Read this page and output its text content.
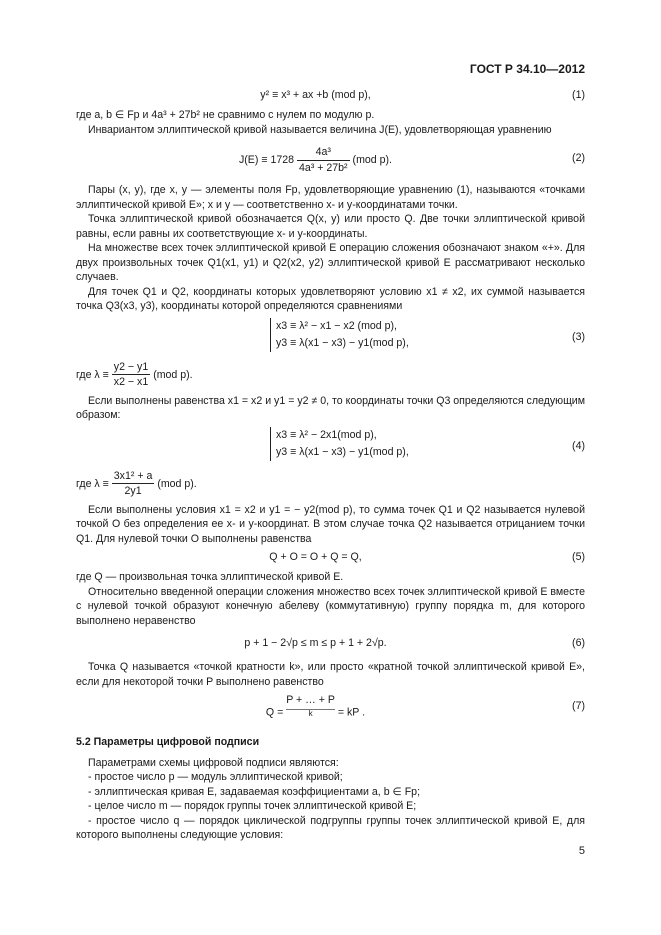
ГОСТ Р 34.10—2012
y² ≡ x³ + ax +b (mod p),	(1)

где a, b ∈ Fp и 4a³ + 27b² не сравнимо с нулем по модулю p.

Инвариантом эллиптической кривой называется величина J(E), удовлетворяющая уравнению

$J(E) \equiv 1728 \frac{\text{4a³}}{\text{4a³ + 27b²}} (mod$ p).	(2)

Пары (x, y), где x, y — элементы поля Fp, удовлетворяющие уравнению (1), называются «точками эллиптической кривой E»; x и y — соответственно x- и y-координатами точки.

Точка эллиптической кривой обозначается Q(x, y) или просто Q. Две точки эллиптической кривой равны, если равны их соответствующие x- и y-координаты.

На множестве всех точек эллиптической кривой E операцию сложения обозначают знаком «+». Для двух произвольных точек Q1(x1, y1) и Q2(x2, y2) эллиптической кривой E рассматривают несколько случаев.

Для точек Q1 и Q2, координаты которых удовлетворяют условию x1 ≠ x2, их суммой называется точка Q3(x3, y3), координаты которой определяются сравнениями

x3 ≡ λ² − x1 − x2 (mod p),
y3 ≡ λ(x1 − x3) − y1(mod p),	(3)

где $\lambda \equiv \frac{y2 - y1}{x2 - x1} (mod$ p).

Если выполнены равенства x1 = x2 и y1 = y2 ≠ 0, то координаты точки Q3 определяются следующим образом:

x3 ≡ λ² − 2x1(mod p),
y3 ≡ λ(x1 − x3) − y1(mod p),	(4)

где $\lambda \equiv \frac{\text{3x1² + a}}{2y1} (mod$ p).

Если выполнены условия x1 = x2 и y1 = − y2(mod p), то сумма точек Q1 и Q2 называется нулевой точкой O без определения ее x- и y-координат. В этом случае точка Q2 называется отрицанием точки Q1. Для нулевой точки O выполнены равенства

Q + O = O + Q = Q,	(5)

где Q — произвольная точка эллиптической кривой E.

Относительно введенной операции сложения множество всех точек эллиптической кривой E вместе с нулевой точкой образуют конечную абелеву (коммутативную) группу порядка m, для которого выполнено неравенство

p + 1 − 2√p ≤ m ≤ p + 1 + 2√p.	(6)

Точка Q называется «точкой кратности k», или просто «кратной точкой эллиптической кривой E», если для некоторой точки P выполнено равенство

Q = P + … + P
k	= kP .
(7)
5.2 Параметры цифровой подписи

Параметрами схемы цифровой подписи являются:

- простое число p — модуль эллиптической кривой;

- эллиптическая кривая E, задаваемая коэффициентами a, b ∈ Fp;

- целое число m — порядок группы точек эллиптической кривой E;

- простое число q — порядок циклической подгруппы группы точек эллиптической кривой E, для которого выполнены следующие условия:

5
